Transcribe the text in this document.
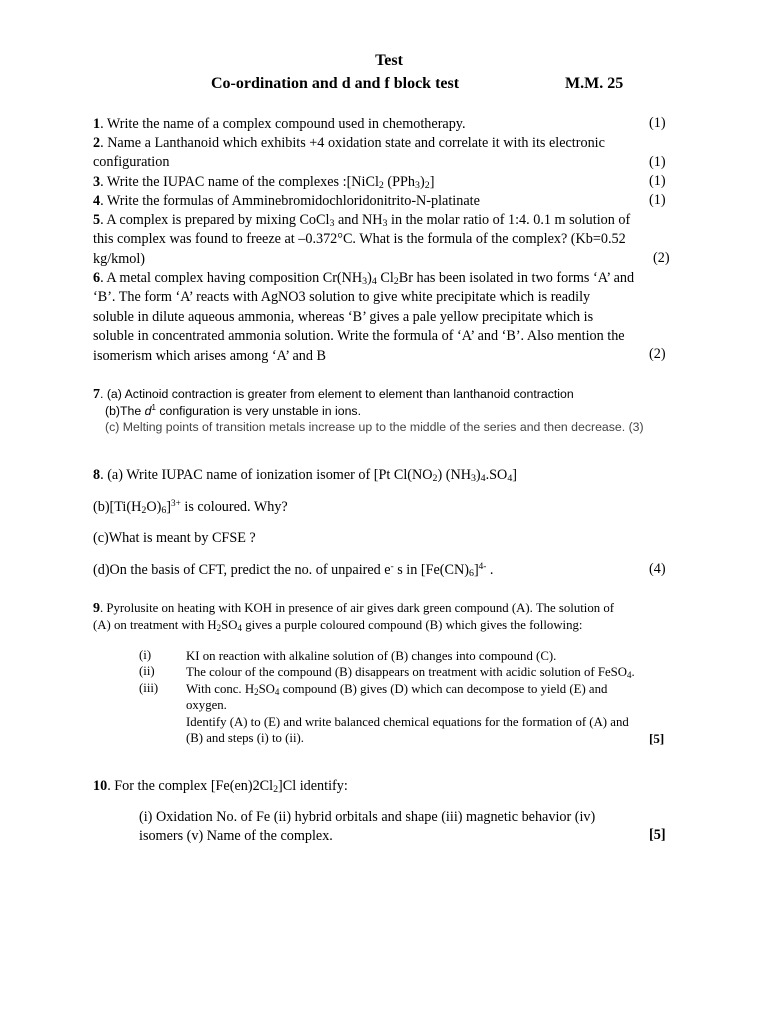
Test
Co-ordination and d and f block test	M.M. 25
1. Write the name of a complex compound used in chemotherapy.	(1)
2. Name a Lanthanoid which exhibits +4 oxidation state and correlate it with its electronic
configuration	(1)
3. Write the IUPAC name of the complexes :[NiCl$_2$ $(PPh_3)_2$]	(1)
4. Write the formulas of Amminebromidochloridonitrito-N-platinate	(1)
5. A complex is prepared by mixing CoCl$_3$ and $NH_3$ in the molar ratio of 1:4. 0.1 m solution of
this complex was found to freeze at –0.372°C. What is the formula of the complex? (Kb=0.52
kg/kmol)	(2)
6. A metal complex having composition $Cr(NH_3)_4$ $Cl_2Br$ has been isolated in two forms ‘A’ and
‘B’. The form ‘A’ reacts with AgNO3 solution to give white precipitate which is readily
soluble in dilute aqueous ammonia, whereas ‘B’ gives a pale yellow precipitate which is
soluble in concentrated ammonia solution. Write the formula of ‘A’ and ‘B’. Also mention the
isomerism which arises among ‘A’ and B	(2)
7. (a) Actinoid contraction is greater from element to element than lanthanoid contraction
(b)The $d^1$ configuration is very unstable in ions.
(c) Melting points of transition metals increase up to the middle of the series and then decrease. (3)
8. (a) Write IUPAC name of ionization isomer of [Pt $Cl(NO_2)$ $(NH_3)_4.SO_4$]
$(b)[Ti(H_2O)_6]^{3+}$ is coloured. Why?
(c)What is meant by CFSE ?
(d)On the basis of CFT, predict the no. of unpaired e- s in $[Fe(CN)_6]^{4-}$ .	(4)
9. Pyrolusite on heating with KOH in presence of air gives dark green compound (A). The solution of
(A) on treatment with $H_2SO_4$ gives a purple coloured compound (B) which gives the following:
(i)	KI on reaction with alkaline solution of (B) changes into compound (C).
(ii) The colour of the compound (B) disappears on treatment with acidic solution of FeSO$_4$.
(iii) With conc. $H_2SO_4$ compound (B) gives (D) which can decompose to yield (E) and
oxygen.
Identify (A) to (E) and write balanced chemical equations for the formation of (A) and
(B) and steps (i) to (ii).	[5]
10. For the complex $[Fe(en)2Cl_2]Cl$ identify:
(i) Oxidation No. of Fe (ii) hybrid orbitals and shape (iii) magnetic behavior (iv)
isomers (v) Name of the complex.	[5]
